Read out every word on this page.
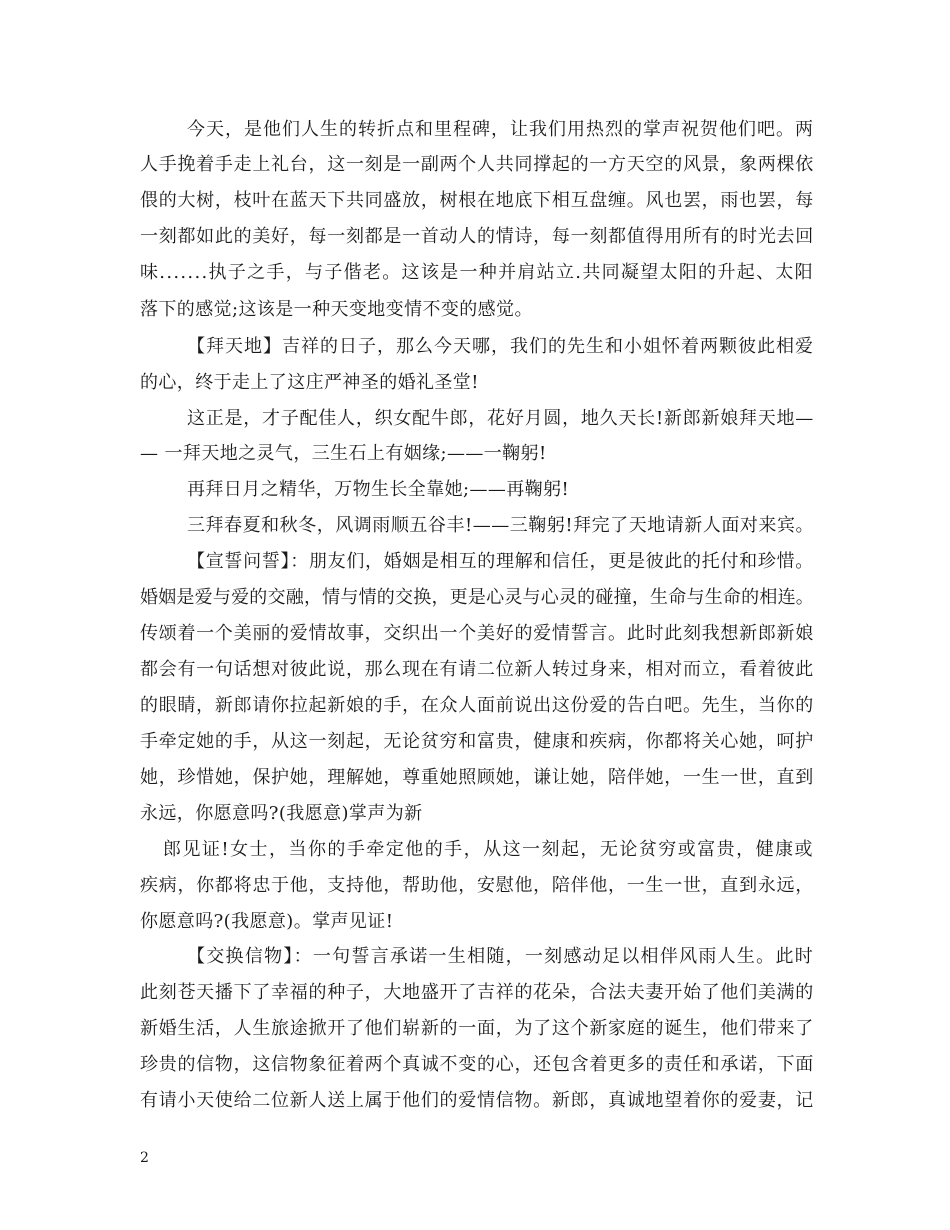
今天，是他们人生的转折点和里程碑，让我们用热烈的掌声祝贺他们吧。两
人手挽着手走上礼台，这一刻是一副两个人共同撑起的一方天空的风景，象两棵依
偎的大树，枝叶在蓝天下共同盛放，树根在地底下相互盘缠。风也罢，雨也罢，每
一刻都如此的美好，每一刻都是一首动人的情诗，每一刻都值得用所有的时光去回
味.......执子之手，与子偕老。这该是一种并肩站立.共同凝望太阳的升起、太阳
落下的感觉;这该是一种天变地变情不变的感觉。
【拜天地】吉祥的日子，那么今天哪，我们的先生和小姐怀着两颗彼此相爱
的心，终于走上了这庄严神圣的婚礼圣堂!
这正是，才子配佳人，织女配牛郎，花好月圆，地久天长!新郎新娘拜天地—
— 一拜天地之灵气，三生石上有姻缘;——一鞠躬!
再拜日月之精华，万物生长全靠她;——再鞠躬!
三拜春夏和秋冬，风调雨顺五谷丰!——三鞠躬!拜完了天地请新人面对来宾。
【宣誓问誓】：朋友们，婚姻是相互的理解和信任，更是彼此的托付和珍惜。
婚姻是爱与爱的交融，情与情的交换，更是心灵与心灵的碰撞，生命与生命的相连。
传颂着一个美丽的爱情故事，交织出一个美好的爱情誓言。此时此刻我想新郎新娘
都会有一句话想对彼此说，那么现在有请二位新人转过身来，相对而立，看着彼此
的眼睛，新郎请你拉起新娘的手，在众人面前说出这份爱的告白吧。先生，当你的
手牵定她的手，从这一刻起，无论贫穷和富贵，健康和疾病，你都将关心她，呵护
她，珍惜她，保护她，理解她，尊重她照顾她，谦让她，陪伴她，一生一世，直到
永远，你愿意吗?(我愿意)掌声为新
郎见证!女士，当你的手牵定他的手，从这一刻起，无论贫穷或富贵，健康或
疾病，你都将忠于他，支持他，帮助他，安慰他，陪伴他，一生一世，直到永远，
你愿意吗?(我愿意)。掌声见证!
【交换信物】：一句誓言承诺一生相随，一刻感动足以相伴风雨人生。此时
此刻苍天播下了幸福的种子，大地盛开了吉祥的花朵，合法夫妻开始了他们美满的
新婚生活，人生旅途掀开了他们崭新的一面，为了这个新家庭的诞生，他们带来了
珍贵的信物，这信物象征着两个真诚不变的心，还包含着更多的责任和承诺，下面
有请小天使给二位新人送上属于他们的爱情信物。新郎，真诚地望着你的爱妻，记
2
